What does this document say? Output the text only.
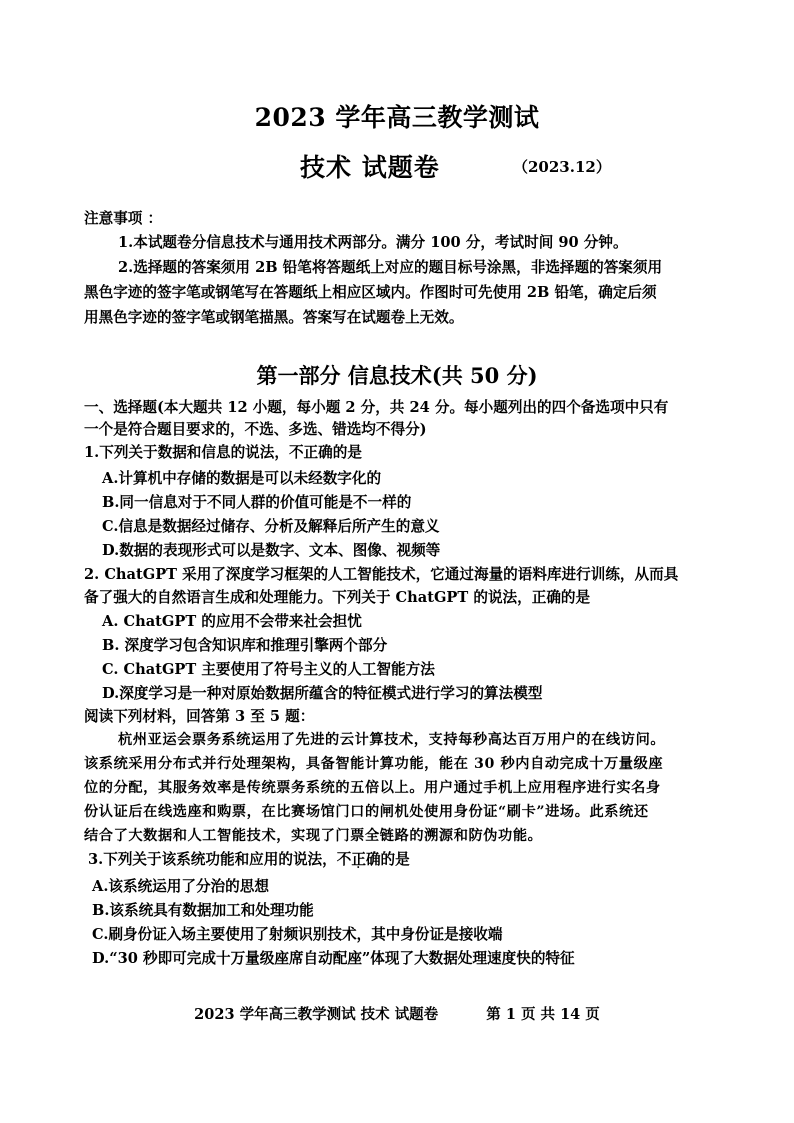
2023 学年高三教学测试
技术 试题卷	（2023.12）
注意事项 ：
1.本试题卷分信息技术与通用技术两部分。满分 100 分，考试时间 90 分钟。
2.选择题的答案须用 2B 铅笔将答题纸上对应的题目标号涂黑，非选择题的答案须用
黑色字迹的签字笔或钢笔写在答题纸上相应区域内。作图时可先使用 2B 铅笔，确定后须
用黑色字迹的签字笔或钢笔描黑。答案写在试题卷上无效。
第一部分 信息技术(共 50 分)
一、选择题(本大题共 12 小题，每小题 2 分，共 24 分。每小题列出的四个备选项中只有
一个是符合题目要求的，不选、多选、错选均不得分)
1.下列关于数据和信息的说法，不正确的是
A.计算机中存储的数据是可以未经数字化的
B.同一信息对于不同人群的价值可能是不一样的
C.信息是数据经过储存、分析及解释后所产生的意义
D.数据的表现形式可以是数字、文本、图像、视频等
2. ChatGPT 采用了深度学习框架的人工智能技术，它通过海量的语料库进行训练，从而具
备了强大的自然语言生成和处理能力。下列关于 ChatGPT 的说法，正确的是
A. ChatGPT 的应用不会带来社会担忧
B. 深度学习包含知识库和推理引擎两个部分
C. ChatGPT 主要使用了符号主义的人工智能方法
D.深度学习是一种对原始数据所蕴含的特征模式进行学习的算法模型
阅读下列材料，回答第 3 至 5 题：
杭州亚运会票务系统运用了先进的云计算技术，支持每秒高达百万用户的在线访问。
该系统采用分布式并行处理架构，具备智能计算功能，能在 30 秒内自动完成十万量级座
位的分配，其服务效率是传统票务系统的五倍以上。用户通过手机上应用程序进行实名身
份认证后在线选座和购票，在比赛场馆门口的闸机处使用身份证“刷卡”进场。此系统还
结合了大数据和人工智能技术，实现了门票全链路的溯源和防伪功能。
3.下列关于该系统功能和应用的说法，不正确的是
A.该系统运用了分治的思想
B.该系统具有数据加工和处理功能
C.刷身份证入场主要使用了射频识别技术，其中身份证是接收端
D.“30 秒即可完成十万量级座席自动配座”体现了大数据处理速度快的特征
2023 学年高三教学测试 技术 试题卷	第 1 页 共 14 页
